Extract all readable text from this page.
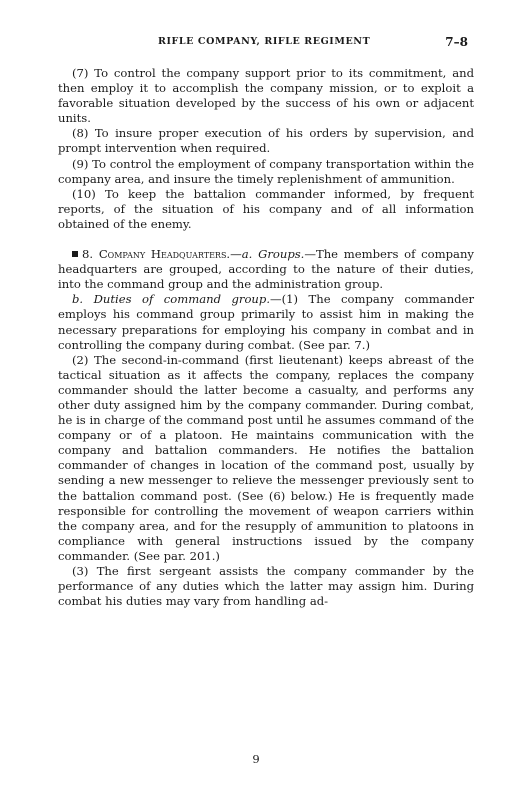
RIFLE COMPANY, RIFLE REGIMENT	7–8

(7) To control the company support prior to its commitment, and then employ it to accomplish the company mission, or to exploit a favorable situation developed by the success of his own or adjacent units.

(8) To insure proper execution of his orders by supervision, and prompt intervention when required.

(9) To control the employment of company transportation within the company area, and insure the timely replenishment of ammunition.

(10) To keep the battalion commander informed, by frequent reports, of the situation of his company and of all information obtained of the enemy.

8. Company Headquarters.—a. Groups.—The members of company headquarters are grouped, according to the nature of their duties, into the command group and the administration group.

b. Duties of command group.—(1) The company commander employs his command group primarily to assist him in making the necessary preparations for employing his company in combat and in controlling the company during combat. (See par. 7.)

(2) The second-in-command (first lieutenant) keeps abreast of the tactical situation as it affects the company, replaces the company commander should the latter become a casualty, and performs any other duty assigned him by the company commander. During combat, he is in charge of the command post until he assumes command of the company or of a platoon. He maintains communication with the company and battalion commanders. He notifies the battalion commander of changes in location of the command post, usually by sending a new messenger to relieve the messenger previously sent to the battalion command post. (See (6) below.) He is frequently made responsible for controlling the movement of weapon carriers within the company area, and for the resupply of ammunition to platoons in compliance with general instructions issued by the company commander. (See par. 201.)

(3) The first sergeant assists the company commander by the performance of any duties which the latter may assign him. During combat his duties may vary from handling ad-

9
